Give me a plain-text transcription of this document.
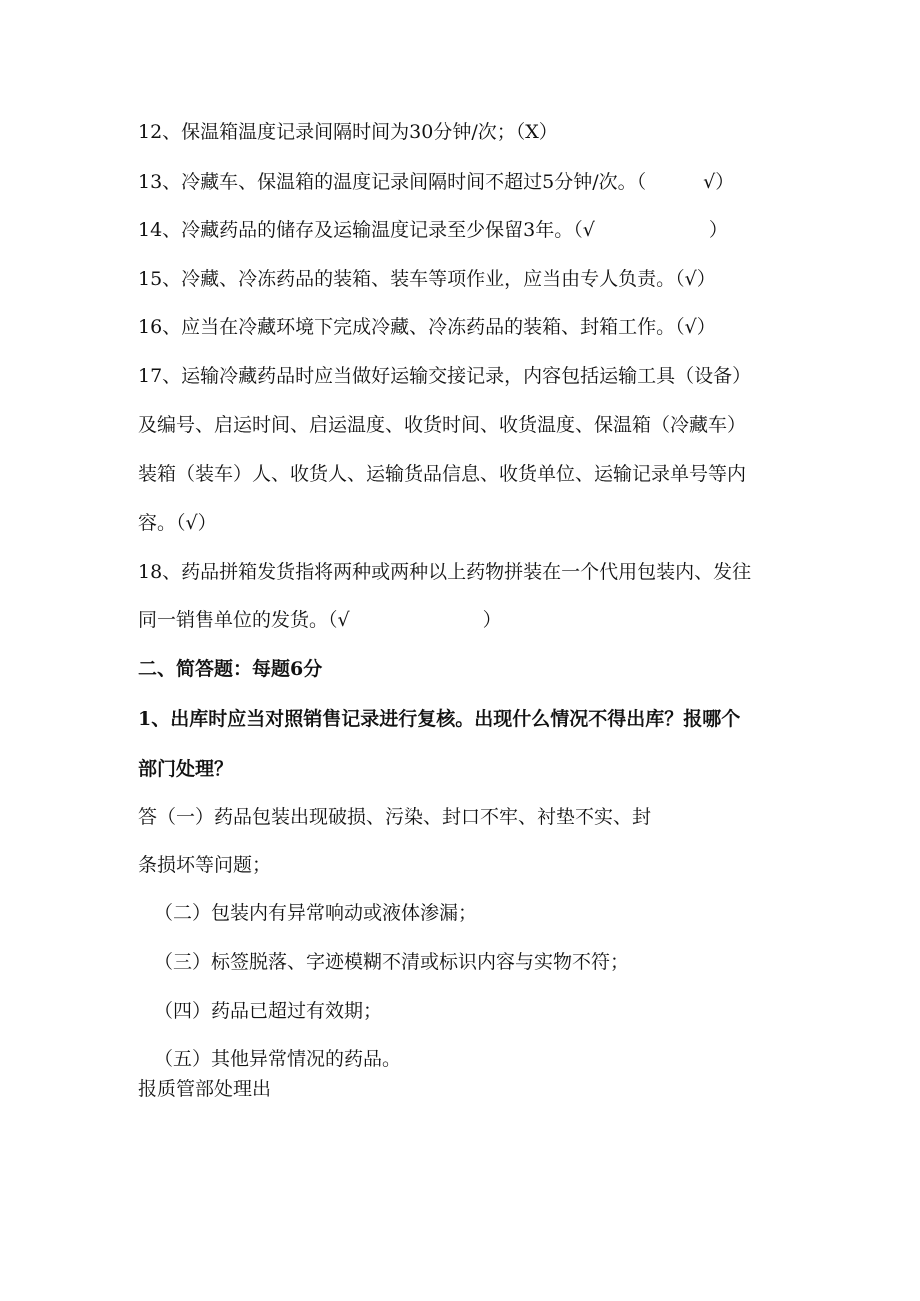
12、保温箱温度记录间隔时间为30分钟/次；（X）
13、冷藏车、保温箱的温度记录间隔时间不超过5分钟/次。（　　　√）
14、冷藏药品的储存及运输温度记录至少保留3年。（√　　　　　　）
15、冷藏、冷冻药品的装箱、装车等项作业，应当由专人负责。（√）
16、应当在冷藏环境下完成冷藏、冷冻药品的装箱、封箱工作。（√）
17、运输冷藏药品时应当做好运输交接记录，内容包括运输工具（设备）
及编号、启运时间、启运温度、收货时间、收货温度、保温箱（冷藏车）
装箱（装车）人、收货人、运输货品信息、收货单位、运输记录单号等内
容。（√）
18、药品拼箱发货指将两种或两种以上药物拼装在一个代用包装内、发往
同一销售单位的发货。（√　　　　　　　）
二、简答题：每题6分
1、出库时应当对照销售记录进行复核。出现什么情况不得出库？报哪个
部门处理？
答（一）药品包装出现破损、污染、封口不牢、衬垫不实、封
条损坏等问题；
（二）包装内有异常响动或液体渗漏；
（三）标签脱落、字迹模糊不清或标识内容与实物不符；
（四）药品已超过有效期；
（五）其他异常情况的药品。
报质管部处理出
